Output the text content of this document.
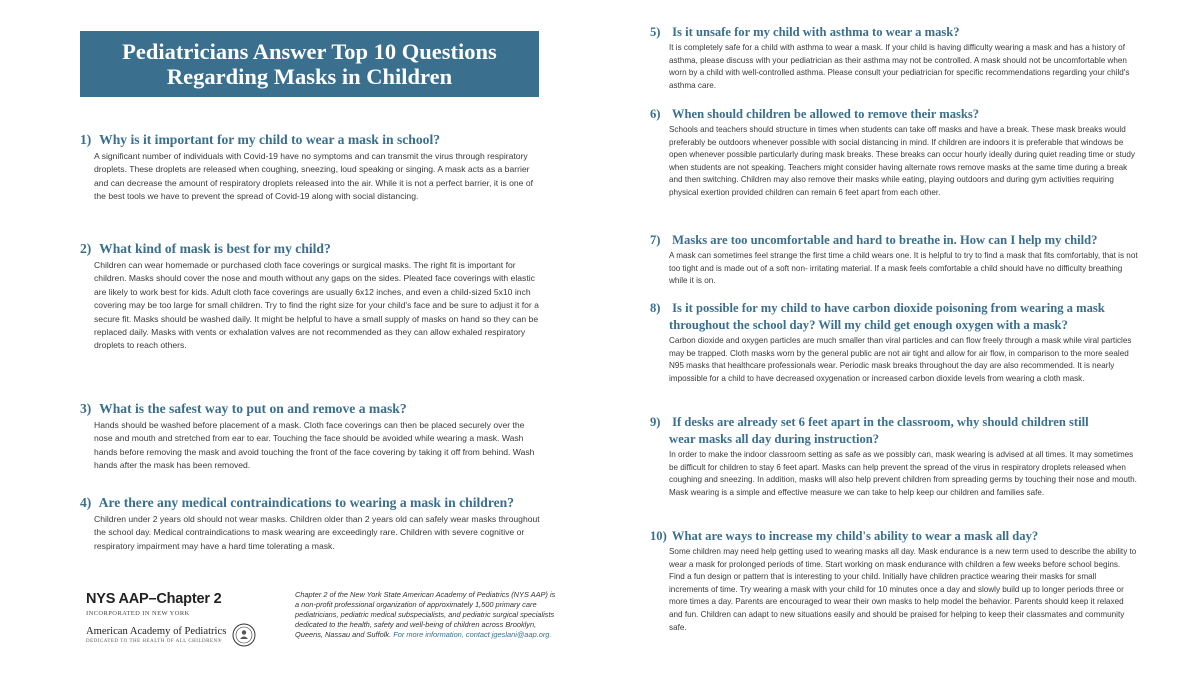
Pediatricians Answer Top 10 Questions
Regarding Masks in Children
1) Why is it important for my child to wear a mask in school?

A significant number of individuals with Covid-19 have no symptoms and can transmit the virus through respiratory droplets. These droplets are released when coughing, sneezing, loud speaking or singing. A mask acts as a barrier and can decrease the amount of respiratory droplets released into the air. While it is not a perfect barrier, it is one of the best tools we have to prevent the spread of Covid-19 along with social distancing.

2) What kind of mask is best for my child?

Children can wear homemade or purchased cloth face coverings or surgical masks. The right fit is important for children. Masks should cover the nose and mouth without any gaps on the sides. Pleated face coverings with elastic are likely to work best for kids. Adult cloth face coverings are usually 6x12 inches, and even a child-sized 5x10 inch covering may be too large for small children. Try to find the right size for your child's face and be sure to adjust it for a secure fit. Masks should be washed daily. It might be helpful to have a small supply of masks on hand so they can be replaced daily. Masks with vents or exhalation valves are not recommended as they can allow exhaled respiratory droplets to reach others.

3) What is the safest way to put on and remove a mask?

Hands should be washed before placement of a mask. Cloth face coverings can then be placed securely over the nose and mouth and stretched from ear to ear. Touching the face should be avoided while wearing a mask. Wash hands before removing the mask and avoid touching the front of the face covering by taking it off from behind. Wash hands after the mask has been removed.

4) Are there any medical contraindications to wearing a mask in children?

Children under 2 years old should not wear masks. Children older than 2 years old can safely wear masks throughout the school day. Medical contraindications to mask wearing are exceedingly rare. Children with severe cognitive or respiratory impairment may have a hard time tolerating a mask.

5) Is it unsafe for my child with asthma to wear a mask?

It is completely safe for a child with asthma to wear a mask. If your child is having difficulty wearing a mask and has a history of asthma, please discuss with your pediatrician as their asthma may not be controlled. A mask should not be uncomfortable when worn by a child with well-controlled asthma. Please consult your pediatrician for specific recommendations regarding your child's asthma care.

6) When should children be allowed to remove their masks?

Schools and teachers should structure in times when students can take off masks and have a break. These mask breaks would preferably be outdoors whenever possible with social distancing in mind. If children are indoors it is preferable that windows be open whenever possible particularly during mask breaks. These breaks can occur hourly ideally during quiet reading time or study when students are not speaking. Teachers might consider having alternate rows remove masks at the same time during a break and then switching. Children may also remove their masks while eating, playing outdoors and during gym activities requiring physical exertion provided children can remain 6 feet apart from each other.

7) Masks are too uncomfortable and hard to breathe in. How can I help my child?

A mask can sometimes feel strange the first time a child wears one. It is helpful to try to find a mask that fits comfortably, that is not too tight and is made out of a soft non- irritating material. If a mask feels comfortable a child should have no difficulty breathing while it is on.

8) Is it possible for my child to have carbon dioxide poisoning from wearing a mask
throughout the school day? Will my child get enough oxygen with a mask?

Carbon dioxide and oxygen particles are much smaller than viral particles and can flow freely through a mask while viral particles may be trapped. Cloth masks worn by the general public are not air tight and allow for air flow, in comparison to the more sealed N95 masks that healthcare professionals wear. Periodic mask breaks throughout the day are also recommended. It is nearly impossible for a child to have decreased oxygenation or increased carbon dioxide levels from wearing a cloth mask.

9) If desks are already set 6 feet apart in the classroom, why should children still
wear masks all day during instruction?

In order to make the indoor classroom setting as safe as we possibly can, mask wearing is advised at all times. It may sometimes be difficult for children to stay 6 feet apart. Masks can help prevent the spread of the virus in respiratory droplets released when coughing and sneezing. In addition, masks will also help prevent children from spreading germs by touching their nose and mouth. Mask wearing is a simple and effective measure we can take to help keep our children and families safe.

10) What are ways to increase my child's ability to wear a mask all day?

Some children may need help getting used to wearing masks all day. Mask endurance is a new term used to describe the ability to wear a mask for prolonged periods of time. Start working on mask endurance with children a few weeks before school begins. Find a fun design or pattern that is interesting to your child. Initially have children practice wearing their masks for small increments of time. Try wearing a mask with your child for 10 minutes once a day and slowly build up to longer periods three or more times a day. Parents are encouraged to wear their own masks to help model the behavior. Parents should keep it relaxed and fun. Children can adapt to new situations easily and should be praised for helping to keep their classmates and community safe.

NYS AAP–Chapter 2
INCORPORATED IN NEW YORK
American Academy of Pediatrics
DEDICATED TO THE HEALTH OF ALL CHILDREN®
Chapter 2 of the New York State American Academy of Pediatrics (NYS AAP) is a non-profit professional organization of approximately 1,500 primary care pediatricians, pediatric medical subspecialists, and pediatric surgical specialists dedicated to the health, safety and well-being of children across Brooklyn, Queens, Nassau and Suffolk. For more information, contact jgeslani@aap.org.
